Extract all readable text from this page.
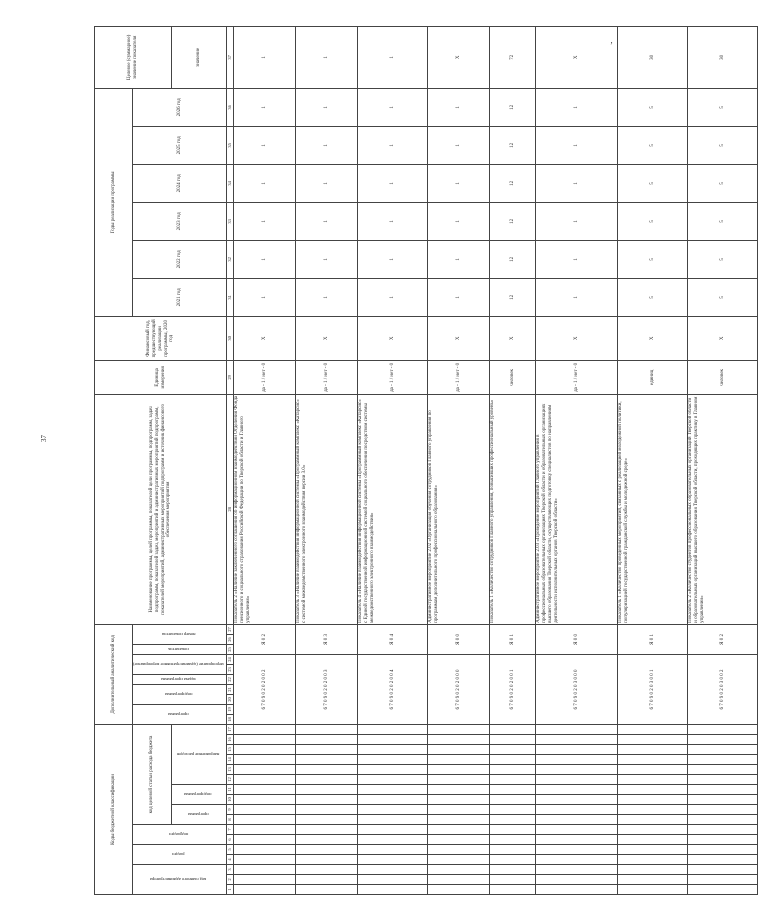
37
‚
Коды бюджетной классификации																	Дополнительный аналитический код										Наименование программы, целей программы, показателей цели программы, подпрограмм, задач подпрограмм, показателей задач, мероприятий и административных мероприятий подпрограмм, показателей мероприятий, административных мероприятий подпрограмм и источник финансового обеспечения мероприятия	Единица измерения	Финансовый год, предшествующий реализации программы, 2020 год	Годы реализации программы						Целевое (суммарное) значение показателя
код главного администратора			раздел		подраздел		код целевой статьи расхода бюджета										программа		подпрограмма		задача программы	мероприятие (административное мероприятие)		показатель	номер показателя					2021 год	2022 год	2023 год	2024 год	2025 год	2026 год	
							программа		подпрограмма		направление расходов																									значение
1	2	3	4	5	6	7	8	9	10	11	12	13	14	15	16	17	18	19	20	21	22	23	24	25	26	27	28	29	30	31	32	33	34	35	36	37
																	6 7 0 9 0 2 0 2 0 0 2							Я 0 2			Показатель 2 «Наличие заключенного соглашения об информационном взаимодействии Отделения Фонда пенсионного и социального страхования Российской Федерации по Тверской области и Главного управления»	да - 1 / нет - 0	Х	1	1	1	1	1	1	1
																	6 7 0 9 0 2 0 2 0 0 3							Я 0 3			Показатель 3 «Наличие взаимодействия информационной системы «Программный комплекс «Катарсис» с системой межведомственного электронного взаимодействия версии 3.0»	да - 1 / нет - 0	Х	1	1	1	1	1	1	1
																	6 7 0 9 0 2 0 2 0 0 4							Я 0 4			Показатель 4 «Наличие взаимодействия информационной системы «Программный комплекс «Катарсис» с Единой государственной информационной системой социального обеспечения посредством системы межведомственного электронного взаимодействия»	да - 1 / нет - 0	Х	1	1	1	1	1	1	1
																	6 7 0 9 0 2 0 2 0 0 0							Я 0 0			Административное мероприятие 2.02 «Организация обучения сотрудников Главного управления по программам дополнительного профессионального образования»	да - 1 / нет - 0	Х	1	1	1	1	1	1	Х
																	6 7 0 9 0 2 0 2 0 0 1							Я 0 1			Показатель 1 «Количество сотрудников Главного управления, повысивших профессиональный уровень»	человек	Х	12	12	12	12	12	12	72
																	6 7 0 9 0 2 0 3 0 0 0							Я 0 0			Административное мероприятие 2.03 «Проведение мероприятий Главного управления в профессиональных образовательных организациях Тверской области и образовательных организациях высшего образования Тверской области, осуществляющих подготовку специалистов по направлениям деятельности исполнительных органов Тверской области»	да - 1 / нет - 0	Х	1	1	1	1	1	1	Х
																	6 7 0 9 0 2 0 3 0 0 1							Я 0 1			Показатель 1 «Количество проведенных мероприятий, связанных с реализацией молодежной политики, популяризацией государственной гражданской службы и молодежной среде»	единиц	Х	5	5	5	5	5	5	30
																	6 7 0 9 0 2 0 3 0 0 2							Я 0 2			Показатель 2 «Количество студентов профессиональных образовательных организаций Тверской области и образовательных организаций высшего образования Тверской области, проходящих практику в Главном управлении»	человек	Х	5	5	5	5	5	5	30
